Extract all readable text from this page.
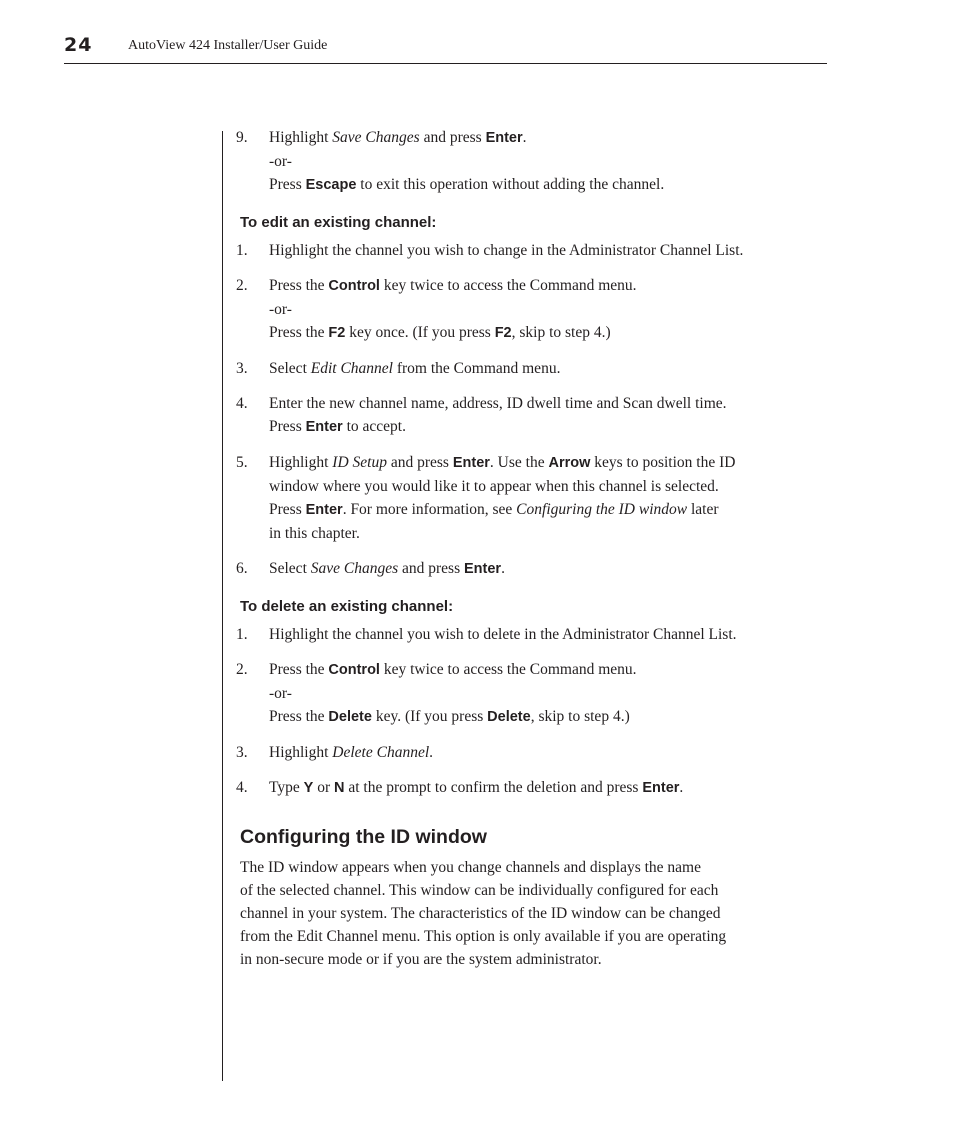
24	AutoView 424 Installer/User Guide
9. Highlight Save Changes and press Enter.
-or-
Press Escape to exit this operation without adding the channel.
To edit an existing channel:
1. Highlight the channel you wish to change in the Administrator Channel List.
2. Press the Control key twice to access the Command menu.
-or-
Press the F2 key once. (If you press F2, skip to step 4.)
3. Select Edit Channel from the Command menu.
4. Enter the new channel name, address, ID dwell time and Scan dwell time.
Press Enter to accept.
5. Highlight ID Setup and press Enter. Use the Arrow keys to position the ID
window where you would like it to appear when this channel is selected.
Press Enter. For more information, see Configuring the ID window later
in this chapter.
6. Select Save Changes and press Enter.
To delete an existing channel:
1. Highlight the channel you wish to delete in the Administrator Channel List.
2. Press the Control key twice to access the Command menu.
-or-
Press the Delete key. (If you press Delete, skip to step 4.)
3. Highlight Delete Channel.
4. Type Y or N at the prompt to confirm the deletion and press Enter.
Configuring the ID window
The ID window appears when you change channels and displays the name
of the selected channel. This window can be individually configured for each
channel in your system. The characteristics of the ID window can be changed
from the Edit Channel menu. This option is only available if you are operating
in non-secure mode or if you are the system administrator.
